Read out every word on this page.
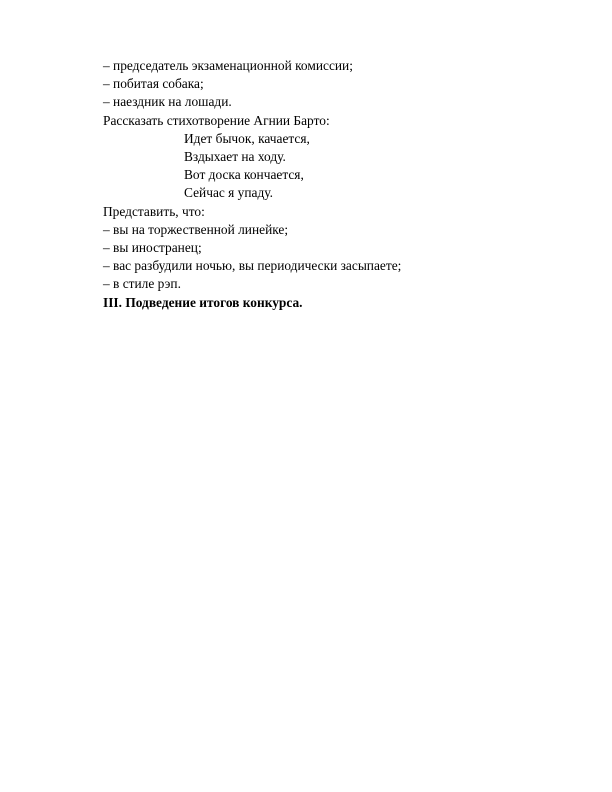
– председатель экзаменационной комиссии;
– побитая собака;
– наездник на лошади.
Рассказать стихотворение Агнии Барто:
Идет бычок, качается,
Вздыхает на ходу.
Вот доска кончается,
Сейчас я упаду.
Представить, что:
– вы на торжественной линейке;
– вы иностранец;
– вас разбудили ночью, вы периодически засыпаете;
– в стиле рэп.
III. Подведение итогов конкурса.
